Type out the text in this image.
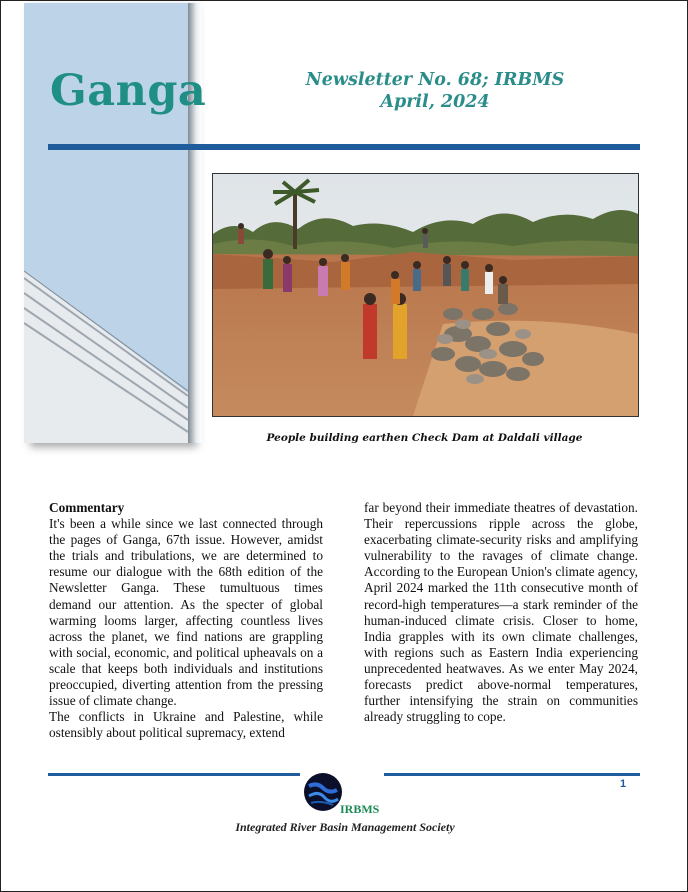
Ganga	Newsletter No. 68; IRBMS
April, 2024
People building earthen Check Dam at Daldali village

Commentary

It's been a while since we last connected through the pages of Ganga, 67th issue. However, amidst the trials and tribulations, we are determined to resume our dialogue with the 68th edition of the Newsletter Ganga. These tumultuous times demand our attention. As the specter of global warming looms larger, affecting countless lives across the planet, we find nations are grappling with social, economic, and political upheavals on a scale that keeps both individuals and institutions preoccupied, diverting attention from the pressing issue of climate change.

The conflicts in Ukraine and Palestine, while ostensibly about political supremacy, extend

far beyond their immediate theatres of devastation. Their repercussions ripple across the globe, exacerbating climate-security risks and amplifying vulnerability to the ravages of climate change. According to the European Union's climate agency, April 2024 marked the 11th consecutive month of record-high temperatures—a stark reminder of the human-induced climate crisis. Closer to home, India grapples with its own climate challenges, with regions such as Eastern India experiencing unprecedented heatwaves. As we enter May 2024, forecasts predict above-normal temperatures, further intensifying the strain on communities already struggling to cope.

1
IRBMS
Integrated River Basin Management Society
